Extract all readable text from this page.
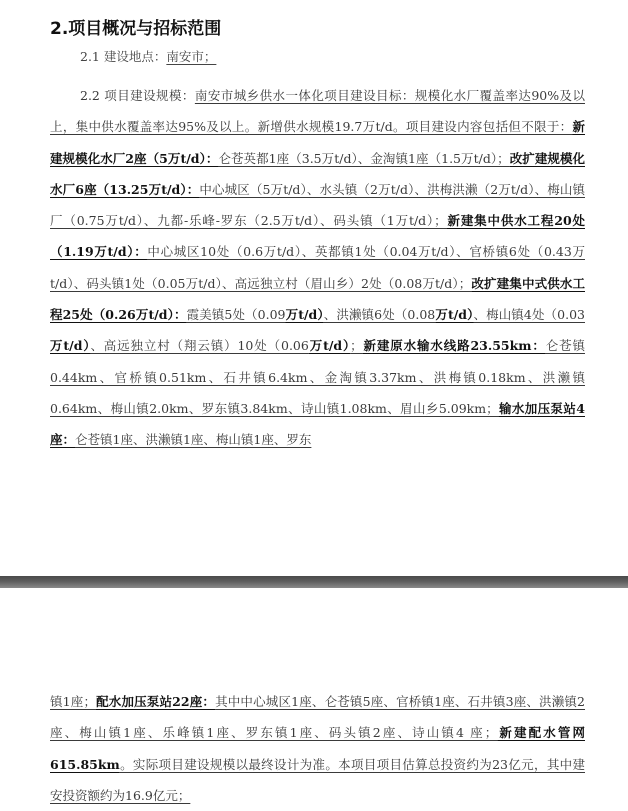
2.项目概况与招标范围
2.1 建设地点：南安市；

2.2 项目建设规模：南安市城乡供水一体化项目建设目标：规模化水厂覆盖率达90%及以上，集中供水覆盖率达95%及以上。新增供水规模19.7万t/d。项目建设内容包括但不限于：新建规模化水厂2座（5万t/d）：仑苍英都1座（3.5万t/d）、金淘镇1座（1.5万t/d）；改扩建规模化水厂6座（13.25万t/d）：中心城区（5万t/d）、水头镇（2万t/d）、洪梅洪濑（2万t/d）、梅山镇厂（0.75万t/d）、九都-乐峰-罗东（2.5万t/d）、码头镇（1万t/d）；新建集中供水工程20处（1.19万t/d）：中心城区10处（0.6万t/d）、英都镇1处（0.04万t/d）、官桥镇6处（0.43万t/d）、码头镇1处（0.05万t/d）、高远独立村（眉山乡）2处（0.08万t/d）；改扩建集中式供水工程25处（0.26万t/d）：霞美镇5处（0.09万t/d）、洪濑镇6处（0.08万t/d）、梅山镇4处（0.03万t/d）、高远独立村（翔云镇）10处（0.06万t/d）；新建原水输水线路23.55km：仑苍镇0.44km、官桥镇0.51km、石井镇6.4km、金淘镇3.37km、洪梅镇0.18km、洪濑镇0.64km、梅山镇2.0km、罗东镇3.84km、诗山镇1.08km、眉山乡5.09km；输水加压泵站4座：仑苍镇1座、洪濑镇1座、梅山镇1座、罗东

镇1座；配水加压泵站22座：其中中心城区1座、仑苍镇5座、官桥镇1座、石井镇3座、洪濑镇2座、梅山镇1座、乐峰镇1座、罗东镇1座、码头镇2座、诗山镇4 座；新建配水管网615.85km。实际项目建设规模以最终设计为准。本项目项目估算总投资约为23亿元，其中建安投资额约为16.9亿元；
